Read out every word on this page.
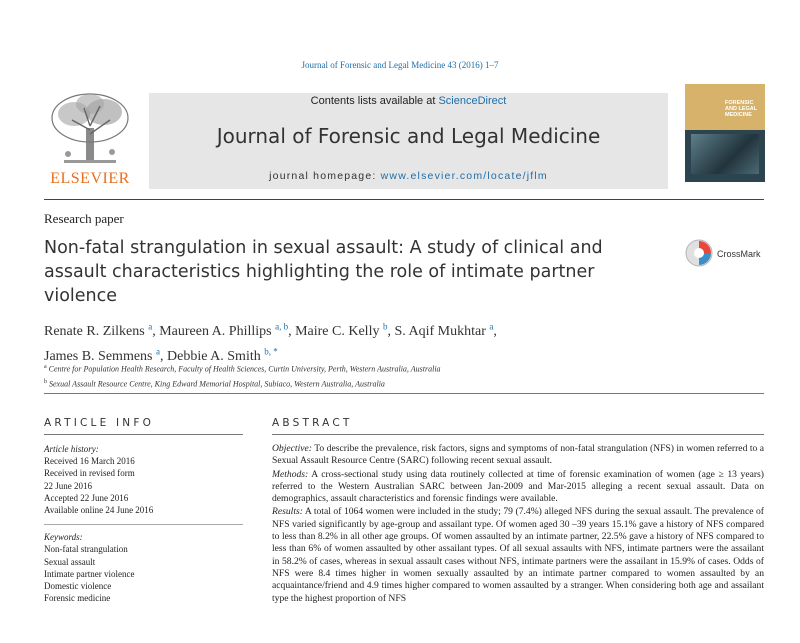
Journal of Forensic and Legal Medicine 43 (2016) 1–7
ELSEVIER
Contents lists available at ScienceDirect
Journal of Forensic and Legal Medicine
journal homepage: www.elsevier.com/locate/jflm
FORENSIC AND LEGAL MEDICINE
Research paper
Non-fatal strangulation in sexual assault: A study of clinical and assault characteristics highlighting the role of intimate partner violence
CrossMark
Renate R. Zilkens $^a$, Maureen A. Phillips $^{a, b}$, Maire C. Kelly $^b$, S. Aqif Mukhtar $^a$,
James B. Semmens $^a$, Debbie A. Smith $^{b, *}$
$^a$ Centre for Population Health Research, Faculty of Health Sciences, Curtin University, Perth, Western Australia, Australia
$^b$ Sexual Assault Resource Centre, King Edward Memorial Hospital, Subiaco, Western Australia, Australia
ARTICLE INFO	ABSTRACT
Article history:
Received 16 March 2016
Received in revised form
22 June 2016
Accepted 22 June 2016
Available online 24 June 2016
Keywords:
Non-fatal strangulation
Sexual assault
Intimate partner violence
Domestic violence
Forensic medicine

Objective: To describe the prevalence, risk factors, signs and symptoms of non-fatal strangulation (NFS) in women referred to a Sexual Assault Resource Centre (SARC) following recent sexual assault.

Methods: A cross-sectional study using data routinely collected at time of forensic examination of women (age ≥ 13 years) referred to the Western Australian SARC between Jan-2009 and Mar-2015 alleging a recent sexual assault. Data on demographics, assault characteristics and forensic findings were available.

Results: A total of 1064 women were included in the study; 79 (7.4%) alleged NFS during the sexual assault. The prevalence of NFS varied significantly by age-group and assailant type. Of women aged 30 –39 years 15.1% gave a history of NFS compared to less than 8.2% in all other age groups. Of women assaulted by an intimate partner, 22.5% gave a history of NFS compared to less than 6% of women assaulted by other assailant types. Of all sexual assaults with NFS, intimate partners were the assailant in 58.2% of cases, whereas in sexual assault cases without NFS, intimate partners were the assailant in 15.9% of cases. Odds of NFS were 8.4 times higher in women sexually assaulted by an intimate partner compared to women assaulted by an acquaintance/friend and 4.9 times higher compared to women assaulted by a stranger. When considering both age and assailant type the highest proportion of NFS
